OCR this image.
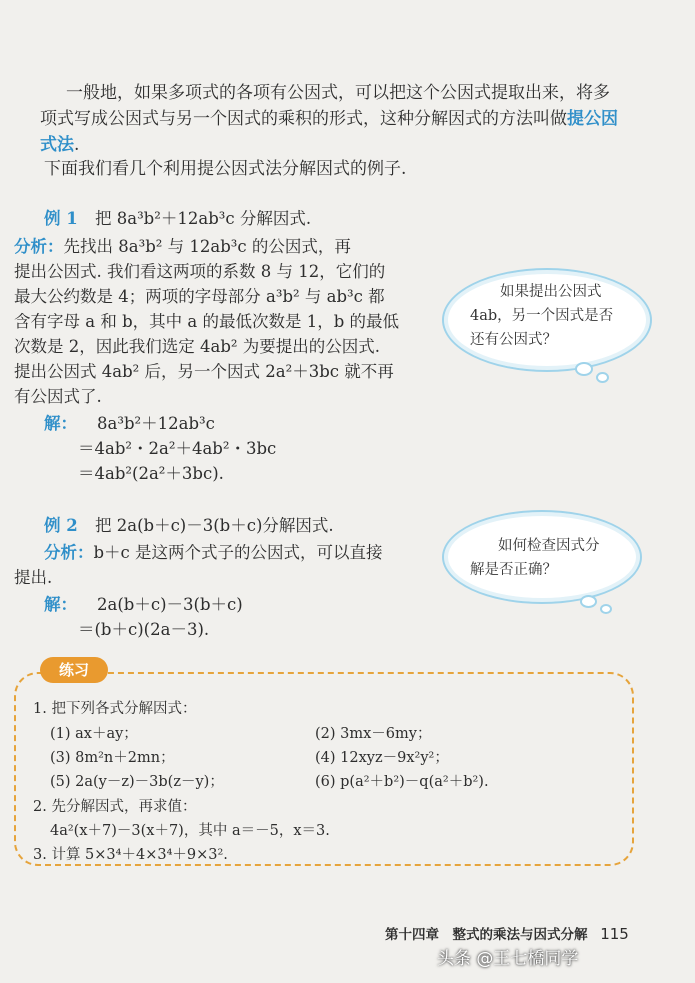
一般地，如果多项式的各项有公因式，可以把这个公因式提取出来，将多
项式写成公因式与另一个因式的乘积的形式，这种分解因式的方法叫做提公因
式法.
下面我们看几个利用提公因式法分解因式的例子.
例 1 把 8a³b²＋12ab³c 分解因式.
分析：先找出 8a³b² 与 12ab³c 的公因式，再
提出公因式. 我们看这两项的系数 8 与 12，它们的
最大公约数是 4；两项的字母部分 a³b² 与 ab³c 都
含有字母 a 和 b，其中 a 的最低次数是 1，b 的最低
次数是 2，因此我们选定 4ab² 为要提出的公因式.
提出公因式 4ab² 后，另一个因式 2a²＋3bc 就不再
有公因式了.
解： 8a³b²＋12ab³c
＝4ab²・2a²＋4ab²・3bc
＝4ab²(2a²＋3bc).
如果提出公因式
4ab，另一个因式是否
还有公因式？
例 2 把 2a(b＋c)－3(b＋c)分解因式.
分析：b＋c 是这两个式子的公因式，可以直接
提出.
解： 2a(b＋c)－3(b＋c)
＝(b＋c)(2a－3).
如何检查因式分
解是否正确？
练习
1. 把下列各式分解因式：
(1) ax＋ay；	(2) 3mx－6my；
(3) 8m²n＋2mn；	(4) 12xyz－9x²y²；
(5) 2a(y－z)－3b(z－y)；	(6) p(a²＋b²)－q(a²＋b²).
2. 先分解因式，再求值：
4a²(x＋7)－3(x＋7)，其中 a＝－5，x＝3.
3. 计算 5×3⁴＋4×3⁴＋9×3².
第十四章　整式的乘法与因式分解 115
头条 @王七橋同学
